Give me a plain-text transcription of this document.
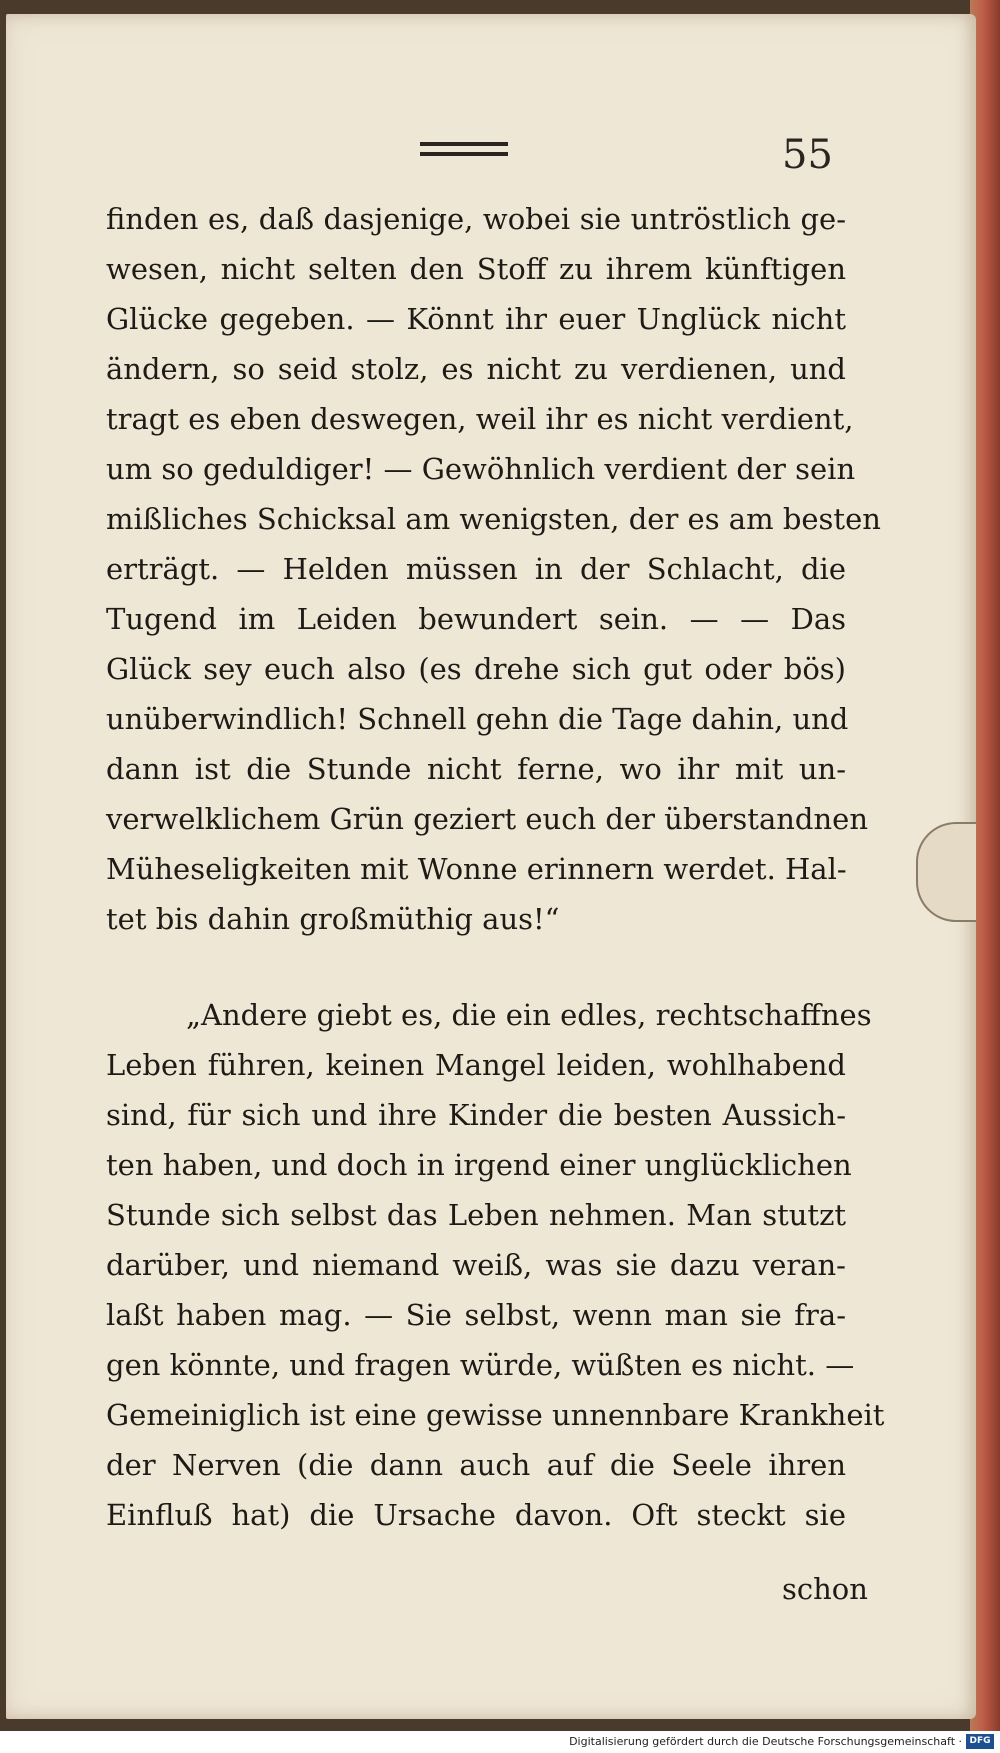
55
finden es, daß dasjenige, wobei sie untröstlich ge-
wesen, nicht selten den Stoff zu ihrem künftigen
Glücke gegeben. — Könnt ihr euer Unglück nicht
ändern, so seid stolz, es nicht zu verdienen, und
tragt es eben deswegen, weil ihr es nicht verdient,
um so geduldiger! — Gewöhnlich verdient der sein
mißliches Schicksal am wenigsten, der es am besten
erträgt. — Helden müssen in der Schlacht, die
Tugend im Leiden bewundert sein. — — Das
Glück sey euch also (es drehe sich gut oder bös)
unüberwindlich! Schnell gehn die Tage dahin, und
dann ist die Stunde nicht ferne, wo ihr mit un-
verwelklichem Grün geziert euch der überstandnen
Müheseligkeiten mit Wonne erinnern werdet. Hal-
tet bis dahin großmüthig aus!“
„Andere giebt es, die ein edles, rechtschaffnes
Leben führen, keinen Mangel leiden, wohlhabend
sind, für sich und ihre Kinder die besten Aussich-
ten haben, und doch in irgend einer unglücklichen
Stunde sich selbst das Leben nehmen. Man stutzt
darüber, und niemand weiß, was sie dazu veran-
laßt haben mag. — Sie selbst, wenn man sie fra-
gen könnte, und fragen würde, wüßten es nicht. —
Gemeiniglich ist eine gewisse unnennbare Krankheit
der Nerven (die dann auch auf die Seele ihren
Einfluß hat) die Ursache davon. Oft steckt sie
schon
Digitalisierung gefördert durch die Deutsche Forschungsgemeinschaft · DFG
